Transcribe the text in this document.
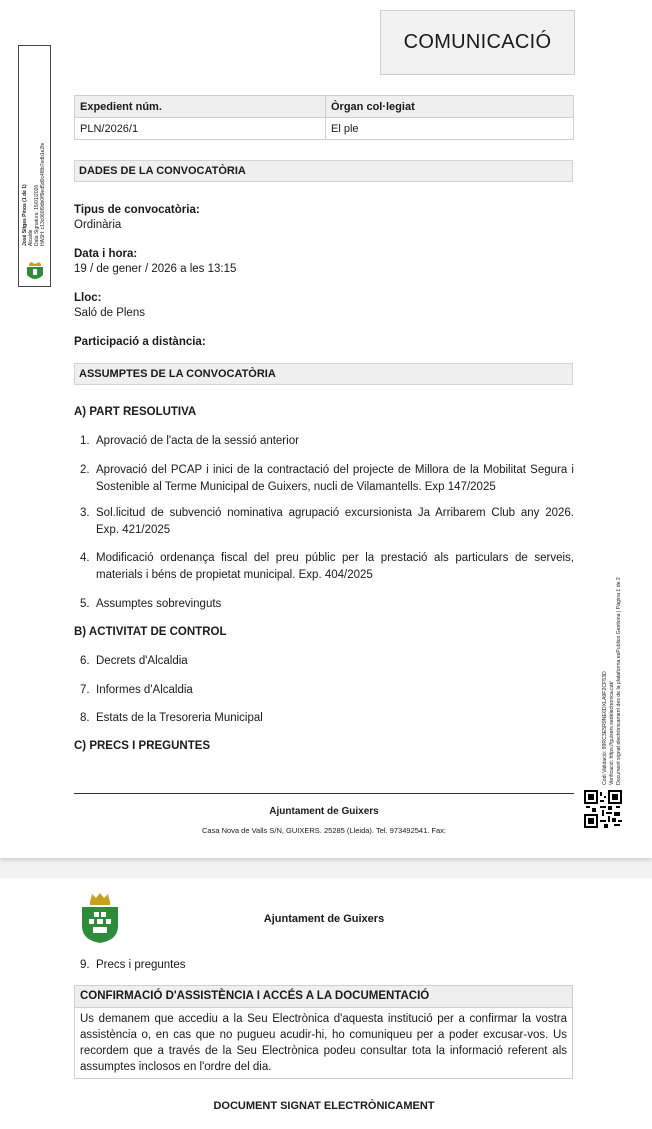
COMUNICACIÓ
Expedient núm.	Òrgan col·legiat
PLN/2026/1	El ple
DADES DE LA CONVOCATÒRIA
Tipus de convocatòria:
Ordinària
Data i hora:
19 / de gener / 2026 a les 13:15
Lloc:
Saló de Plens
Participació a distància:
ASSUMPTES DE LA CONVOCATÒRIA
A) PART RESOLUTIVA
1. Aprovació de l'acta de la sessió anterior
2. Aprovació del PCAP i inici de la contractació del projecte de Millora de la Mobilitat Segura i Sostenible al Terme Municipal de Guixers, nucli de Vilamantells. Exp 147/2025
3. Sol.licitud de subvenció nominativa agrupació excursionista Ja Arribarem Club any 2026. Exp. 421/2025
4. Modificació ordenança fiscal del preu públic per la prestació als particulars de serveis, materials i béns de propietat municipal. Exp. 404/2025
5. Assumptes sobrevinguts
B) ACTIVITAT DE CONTROL
6. Decrets d'Alcaldia
7. Informes d'Alcaldia
8. Estats de la Tresoreria Municipal
C) PRECS I PREGUNTES
Ajuntament de Guixers
Casa Nova de Valls S/N, GUIXERS. 25285 (Lleida). Tel. 973492541. Fax:
Josè Sitges Pinos (1 de 1) Alcalde Data Signatura: 15/01/2026 HASH: c13c060f9db0ff9ed5d0c4f8b7edb1e2fe
Codi Validació: 99RC3E5R9NE6DXLA9F2CF53D Verificació: https://guixers.sedelectronica.cat/ Document signat electrònicament des de la plataforma esPublico Gestiona | Pàgina 1 de 2
Ajuntament de Guixers
9. Precs i preguntes
CONFIRMACIÓ D'ASSISTÈNCIA I ACCÉS A LA DOCUMENTACIÓ
Us demanem que accediu a la Seu Electrònica d'aquesta institució per a confirmar la vostra assistència o, en cas que no pugueu acudir-hi, ho comuniqueu per a poder excusar-vos. Us recordem que a través de la Seu Electrònica podeu consultar tota la informació referent als assumptes inclosos en l'ordre del dia.
DOCUMENT SIGNAT ELECTRÒNICAMENT
